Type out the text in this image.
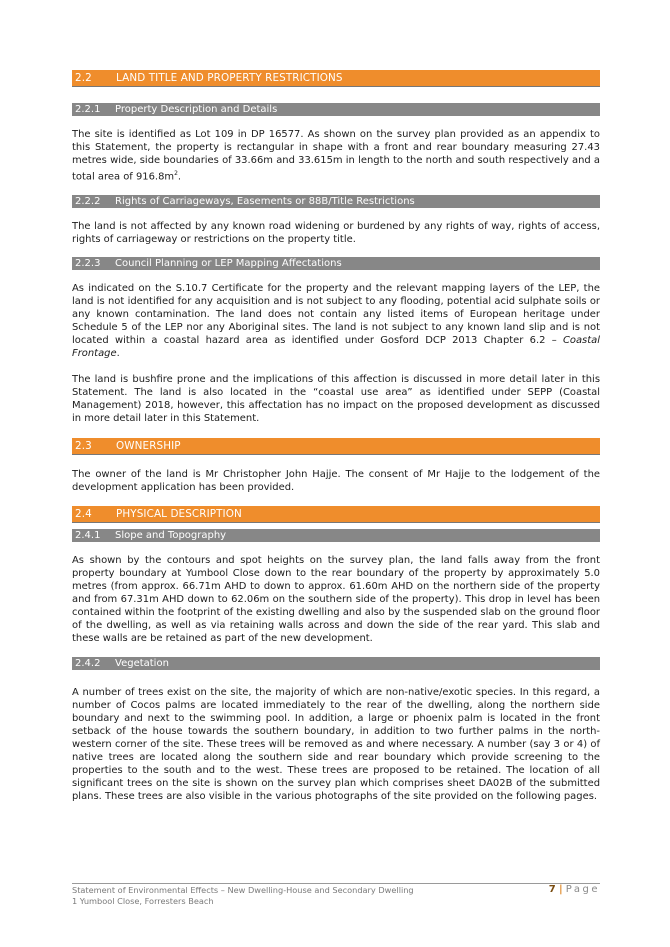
2.2 LAND TITLE AND PROPERTY RESTRICTIONS
2.2.1 Property Description and Details

The site is identified as Lot 109 in DP 16577. As shown on the survey plan provided as an appendix to this Statement, the property is rectangular in shape with a front and rear boundary measuring 27.43 metres wide, side boundaries of 33.66m and 33.615m in length to the north and south respectively and a total area of $916.8m^2$.

2.2.2 Rights of Carriageways, Easements or 88B/Title Restrictions

The land is not affected by any known road widening or burdened by any rights of way, rights of access, rights of carriageway or restrictions on the property title.

2.2.3 Council Planning or LEP Mapping Affectations

As indicated on the S.10.7 Certificate for the property and the relevant mapping layers of the LEP, the land is not identified for any acquisition and is not subject to any flooding, potential acid sulphate soils or any known contamination. The land does not contain any listed items of European heritage under Schedule 5 of the LEP nor any Aboriginal sites. The land is not subject to any known land slip and is not located within a coastal hazard area as identified under Gosford DCP 2013 Chapter 6.2 – Coastal Frontage.

The land is bushfire prone and the implications of this affection is discussed in more detail later in this Statement. The land is also located in the “coastal use area” as identified under SEPP (Coastal Management) 2018, however, this affectation has no impact on the proposed development as discussed in more detail later in this Statement.

2.3 OWNERSHIP

The owner of the land is Mr Christopher John Hajje. The consent of Mr Hajje to the lodgement of the development application has been provided.

2.4 PHYSICAL DESCRIPTION
2.4.1 Slope and Topography

As shown by the contours and spot heights on the survey plan, the land falls away from the front property boundary at Yumbool Close down to the rear boundary of the property by approximately 5.0 metres (from approx. 66.71m AHD to down to approx. 61.60m AHD on the northern side of the property and from 67.31m AHD down to 62.06m on the southern side of the property). This drop in level has been contained within the footprint of the existing dwelling and also by the suspended slab on the ground floor of the dwelling, as well as via retaining walls across and down the side of the rear yard. This slab and these walls are be retained as part of the new development.

2.4.2 Vegetation

A number of trees exist on the site, the majority of which are non-native/exotic species. In this regard, a number of Cocos palms are located immediately to the rear of the dwelling, along the northern side boundary and next to the swimming pool. In addition, a large or phoenix palm is located in the front setback of the house towards the southern boundary, in addition to two further palms in the north-western corner of the site. These trees will be removed as and where necessary. A number (say 3 or 4) of native trees are located along the southern side and rear boundary which provide screening to the properties to the south and to the west. These trees are proposed to be retained. The location of all significant trees on the site is shown on the survey plan which comprises sheet DA02B of the submitted plans. These trees are also visible in the various photographs of the site provided on the following pages.

Statement of Environmental Effects – New Dwelling-House and Secondary Dwelling
1 Yumbool Close, Forresters Beach
7 | Page
